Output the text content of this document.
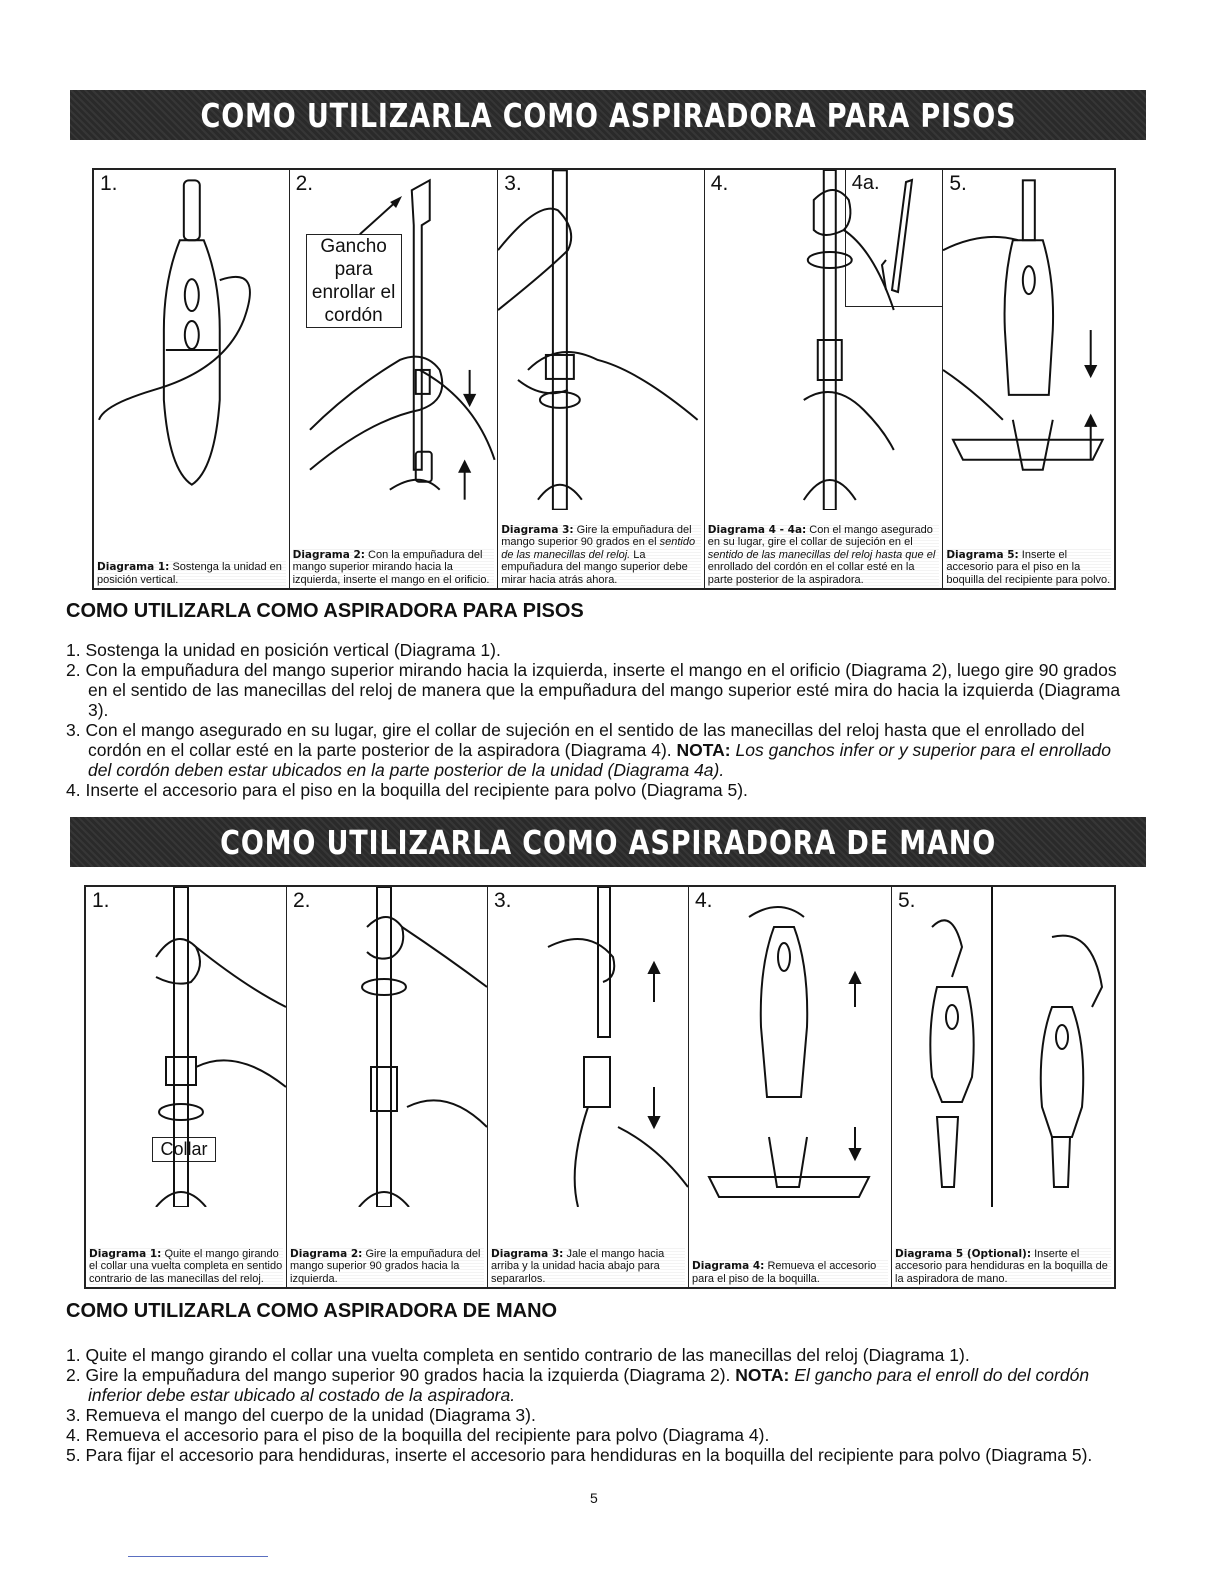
COMO UTILIZARLA COMO ASPIRADORA PARA PISOS
1.
Diagrama 1: Sostenga la unidad en posición vertical.
2.
Gancho para enrollar el cordón
Diagrama 2: Con la empuñadura del mango superior mirando hacia la izquierda, inserte el mango en el orificio.
3.
Diagrama 3: Gire la empuñadura del mango superior 90 grados en el sentido de las manecillas del reloj. La empuñadura del mango superior debe mirar hacia atrás ahora.
4.	4a.
Diagrama 4 - 4a: Con el mango asegurado en su lugar, gire el collar de sujeción en el sentido de las manecillas del reloj hasta que el enrollado del cordón en el collar esté en la parte posterior de la aspiradora.
5.
Diagrama 5: Inserte el accesorio para el piso en la boquilla del recipiente para polvo.
COMO UTILIZARLA COMO ASPIRADORA PARA PISOS
1. Sostenga la unidad en posición vertical (Diagrama 1).
2. Con la empuñadura del mango superior mirando hacia la izquierda, inserte el mango en el orificio (Diagrama 2), luego gire 90 grados en el sentido de las manecillas del reloj de manera que la empuñadura del mango superior esté mira do hacia la izquierda (Diagrama 3).
3. Con el mango asegurado en su lugar, gire el collar de sujeción en el sentido de las manecillas del reloj hasta que el enrollado del cordón en el collar esté en la parte posterior de la aspiradora (Diagrama 4). NOTA: Los ganchos infer or y superior para el enrollado del cordón deben estar ubicados en la parte posterior de la unidad (Diagrama 4a).
4. Inserte el accesorio para el piso en la boquilla del recipiente para polvo (Diagrama 5).
COMO UTILIZARLA COMO ASPIRADORA DE MANO
1.
Collar
Diagrama 1: Quite el mango girando el collar una vuelta completa en sentido contrario de las manecillas del reloj.
2.
Diagrama 2: Gire la empuñadura del mango superior 90 grados hacia la izquierda.
3.
Diagrama 3: Jale el mango hacia arriba y la unidad hacia abajo para separarlos.
4.
Diagrama 4: Remueva el accesorio para el piso de la boquilla.
5.
Diagrama 5 (Optional): Inserte el accesorio para hendiduras en la boquilla de la aspiradora de mano.
COMO UTILIZARLA COMO ASPIRADORA DE MANO
1. Quite el mango girando el collar una vuelta completa en sentido contrario de las manecillas del reloj (Diagrama 1).
2. Gire la empuñadura del mango superior 90 grados hacia la izquierda (Diagrama 2). NOTA: El gancho para el enroll do del cordón inferior debe estar ubicado al costado de la aspiradora.
3. Remueva el mango del cuerpo de la unidad (Diagrama 3).
4. Remueva el accesorio para el piso de la boquilla del recipiente para polvo (Diagrama 4).
5. Para fijar el accesorio para hendiduras, inserte el accesorio para hendiduras en la boquilla del recipiente para polvo (Diagrama 5).
5
